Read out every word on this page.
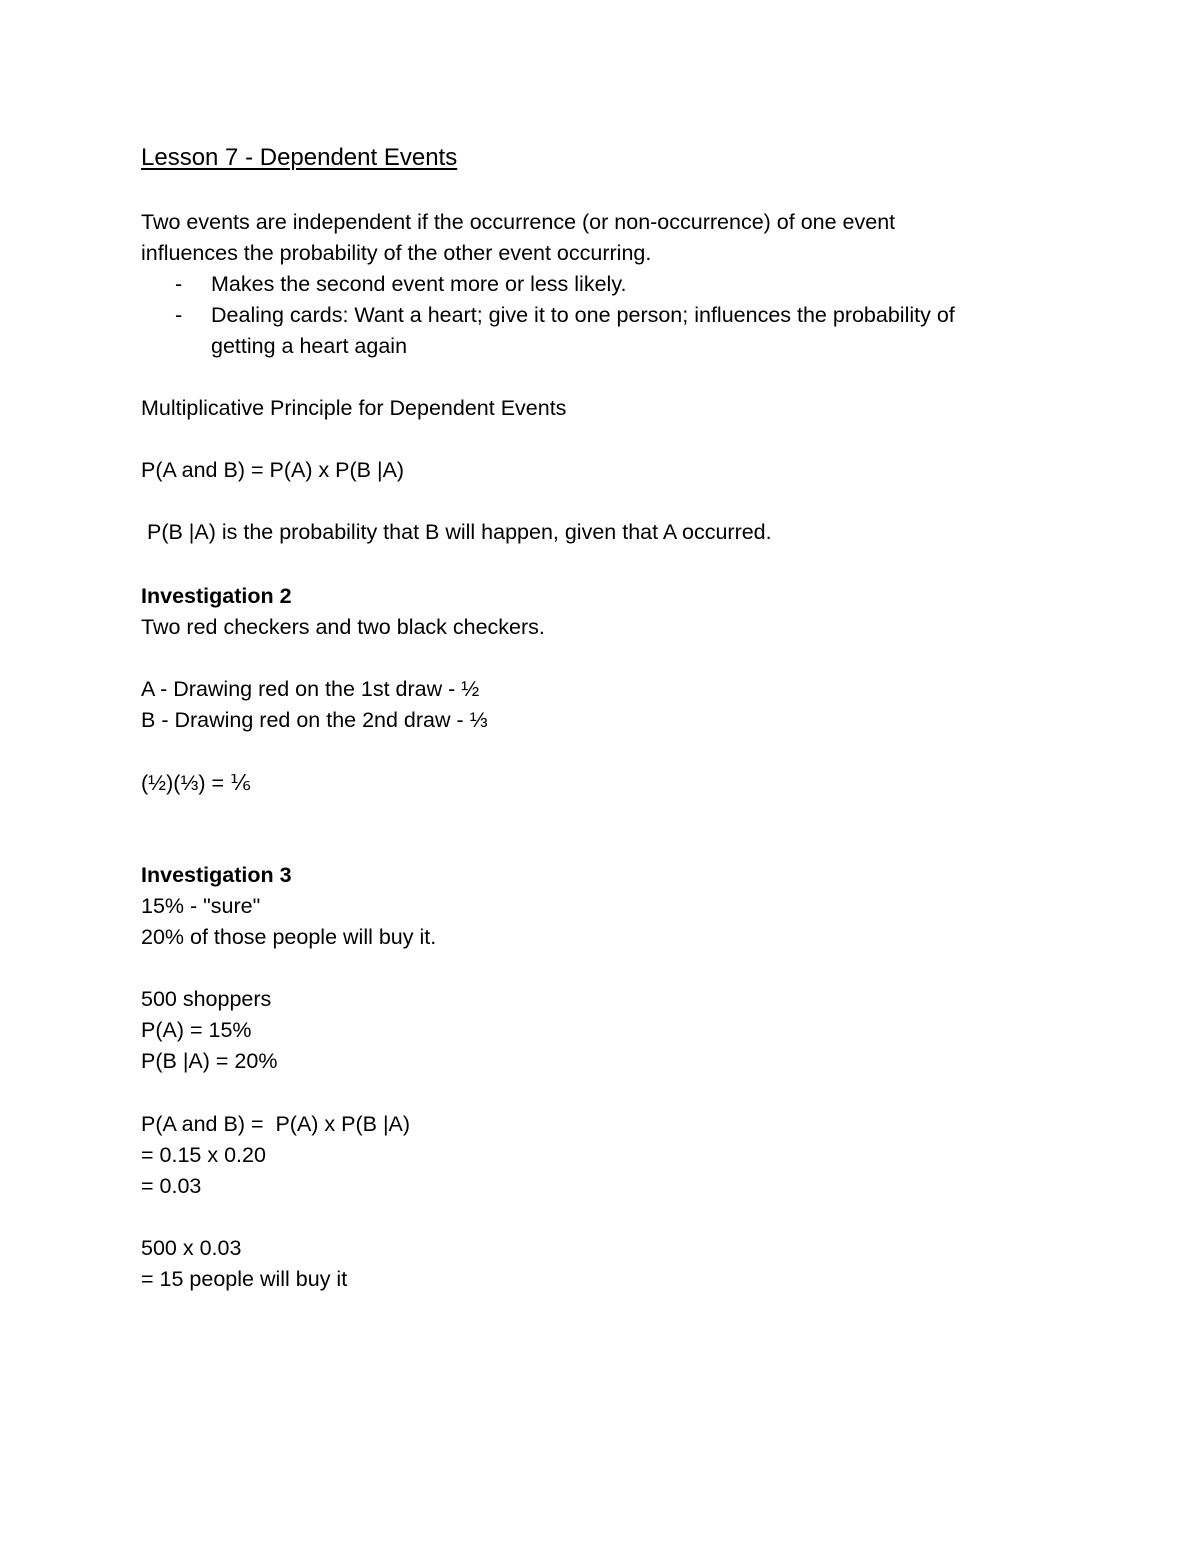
Lesson 7 - Dependent Events
Two events are independent if the occurrence (or non-occurrence) of one event
influences the probability of the other event occurring.
- Makes the second event more or less likely.
- Dealing cards: Want a heart; give it to one person; influences the probability of
getting a heart again
Multiplicative Principle for Dependent Events
P(A and B) = P(A) x P(B |A)
P(B |A) is the probability that B will happen, given that A occurred.
Investigation 2
Two red checkers and two black checkers.
A - Drawing red on the 1st draw - ½
B - Drawing red on the 2nd draw - ⅓
(½)(⅓) = ⅙
Investigation 3
15% - "sure"
20% of those people will buy it.
500 shoppers
P(A) = 15%
P(B |A) = 20%
P(A and B) =  P(A) x P(B |A)
= 0.15 x 0.20
= 0.03
500 x 0.03
= 15 people will buy it
